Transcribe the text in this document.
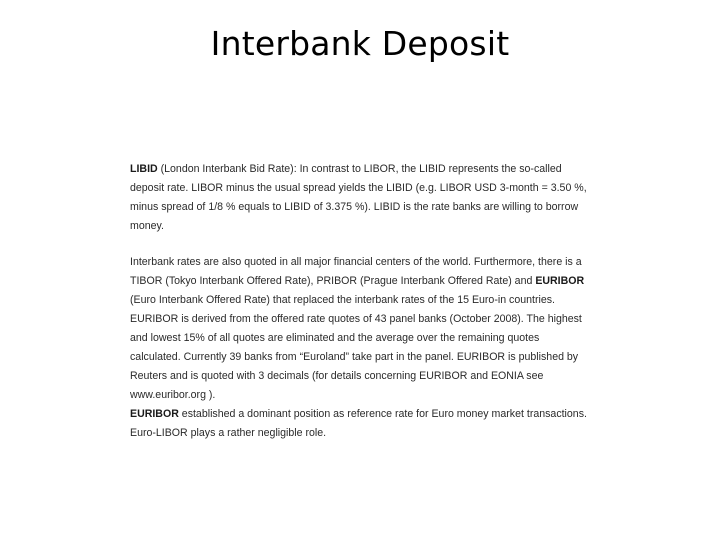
Interbank Deposit

LIBID (London Interbank Bid Rate): In contrast to LIBOR, the LIBID represents the so-called deposit rate. LIBOR minus the usual spread yields the LIBID (e.g. LIBOR USD 3-month = 3.50 %, minus spread of 1/8 % equals to LIBID of 3.375 %). LIBID is the rate banks are willing to borrow money.

Interbank rates are also quoted in all major financial centers of the world. Furthermore, there is a TIBOR (Tokyo Interbank Offered Rate), PRIBOR (Prague Interbank Offered Rate) and EURIBOR (Euro Interbank Offered Rate) that replaced the interbank rates of the 15 Euro-in countries. EURIBOR is derived from the offered rate quotes of 43 panel banks (October 2008). The highest and lowest 15% of all quotes are eliminated and the average over the remaining quotes calculated. Currently 39 banks from “Euroland” take part in the panel. EURIBOR is published by Reuters and is quoted with 3 decimals (for details concerning EURIBOR and EONIA see www.euribor.org ).

EURIBOR established a dominant position as reference rate for Euro money market transactions. Euro-LIBOR plays a rather negligible role.
